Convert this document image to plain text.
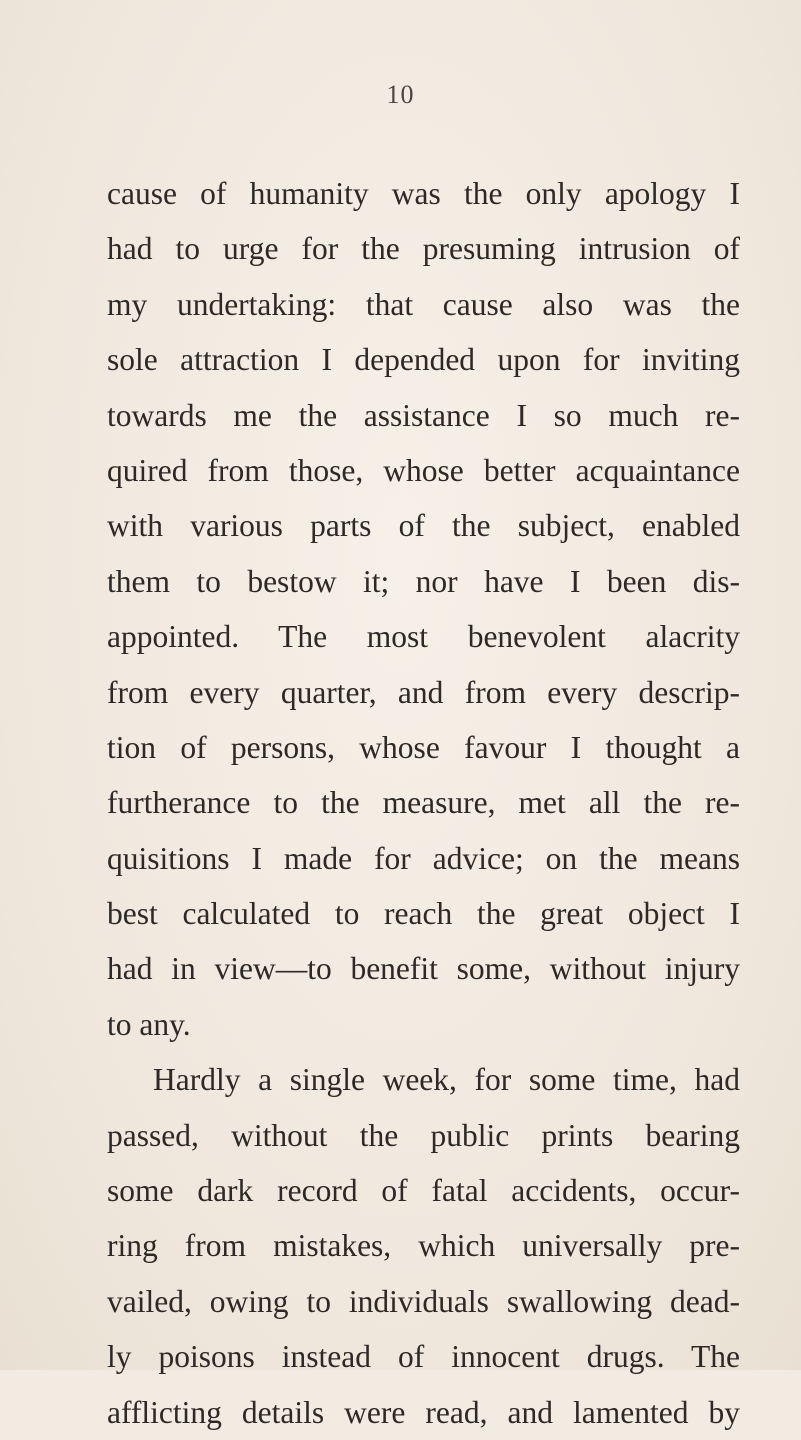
10
cause of humanity was the only apology I
had to urge for the presuming intrusion of
my undertaking: that cause also was the
sole attraction I depended upon for inviting
towards me the assistance I so much re-
quired from those, whose better acquaintance
with various parts of the subject, enabled
them to bestow it; nor have I been dis-
appointed. The most benevolent alacrity
from every quarter, and from every descrip-
tion of persons, whose favour I thought a
furtherance to the measure, met all the re-
quisitions I made for advice; on the means
best calculated to reach the great object I
had in view—to benefit some, without injury
to any.
Hardly a single week, for some time, had
passed, without the public prints bearing
some dark record of fatal accidents, occur-
ring from mistakes, which universally pre-
vailed, owing to individuals swallowing dead-
ly poisons instead of innocent drugs. The
afflicting details were read, and lamented by
